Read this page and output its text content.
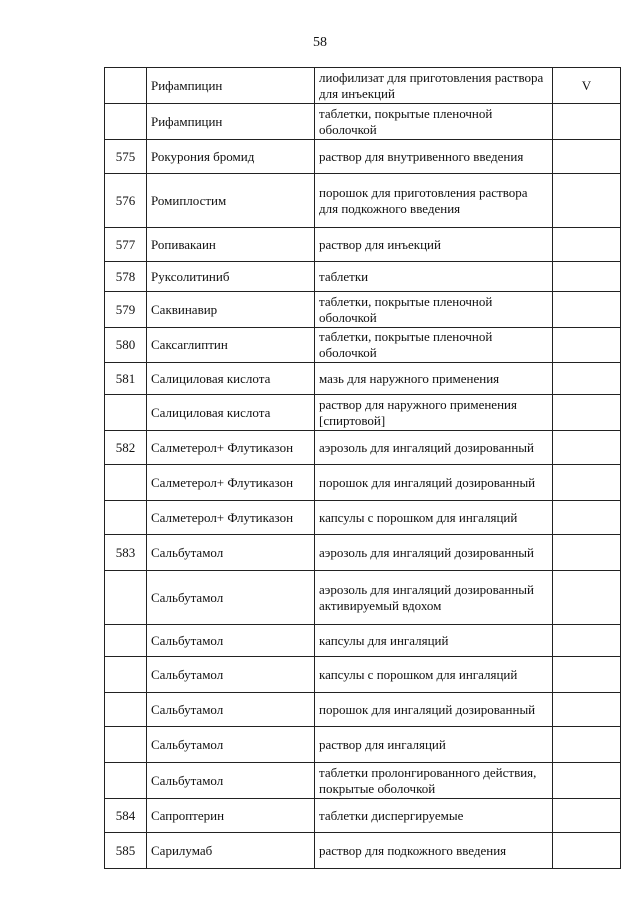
58
	Рифампицин	лиофилизат для приготовления раствора для инъекций	V
	Рифампицин	таблетки, покрытые пленочной оболочкой	
575	Рокурония бромид	раствор для внутривенного введения	
576	Ромиплостим	порошок для приготовления раствора для подкожного введения	
577	Ропивакаин	раствор для инъекций	
578	Руксолитиниб	таблетки	
579	Саквинавир	таблетки, покрытые пленочной оболочкой	
580	Саксаглиптин	таблетки, покрытые пленочной оболочкой	
581	Салициловая кислота	мазь для наружного применения	
	Салициловая кислота	раствор для наружного применения [спиртовой]	
582	Салметерол+ Флутиказон	аэрозоль для ингаляций дозированный	
	Салметерол+ Флутиказон	порошок для ингаляций дозированный	
	Салметерол+ Флутиказон	капсулы с порошком для ингаляций	
583	Сальбутамол	аэрозоль для ингаляций дозированный	
	Сальбутамол	аэрозоль для ингаляций дозированный активируемый вдохом	
	Сальбутамол	капсулы для ингаляций	
	Сальбутамол	капсулы с порошком для ингаляций	
	Сальбутамол	порошок для ингаляций дозированный	
	Сальбутамол	раствор для ингаляций	
	Сальбутамол	таблетки пролонгированного действия, покрытые оболочкой	
584	Сапроптерин	таблетки диспергируемые	
585	Сарилумаб	раствор для подкожного введения	
